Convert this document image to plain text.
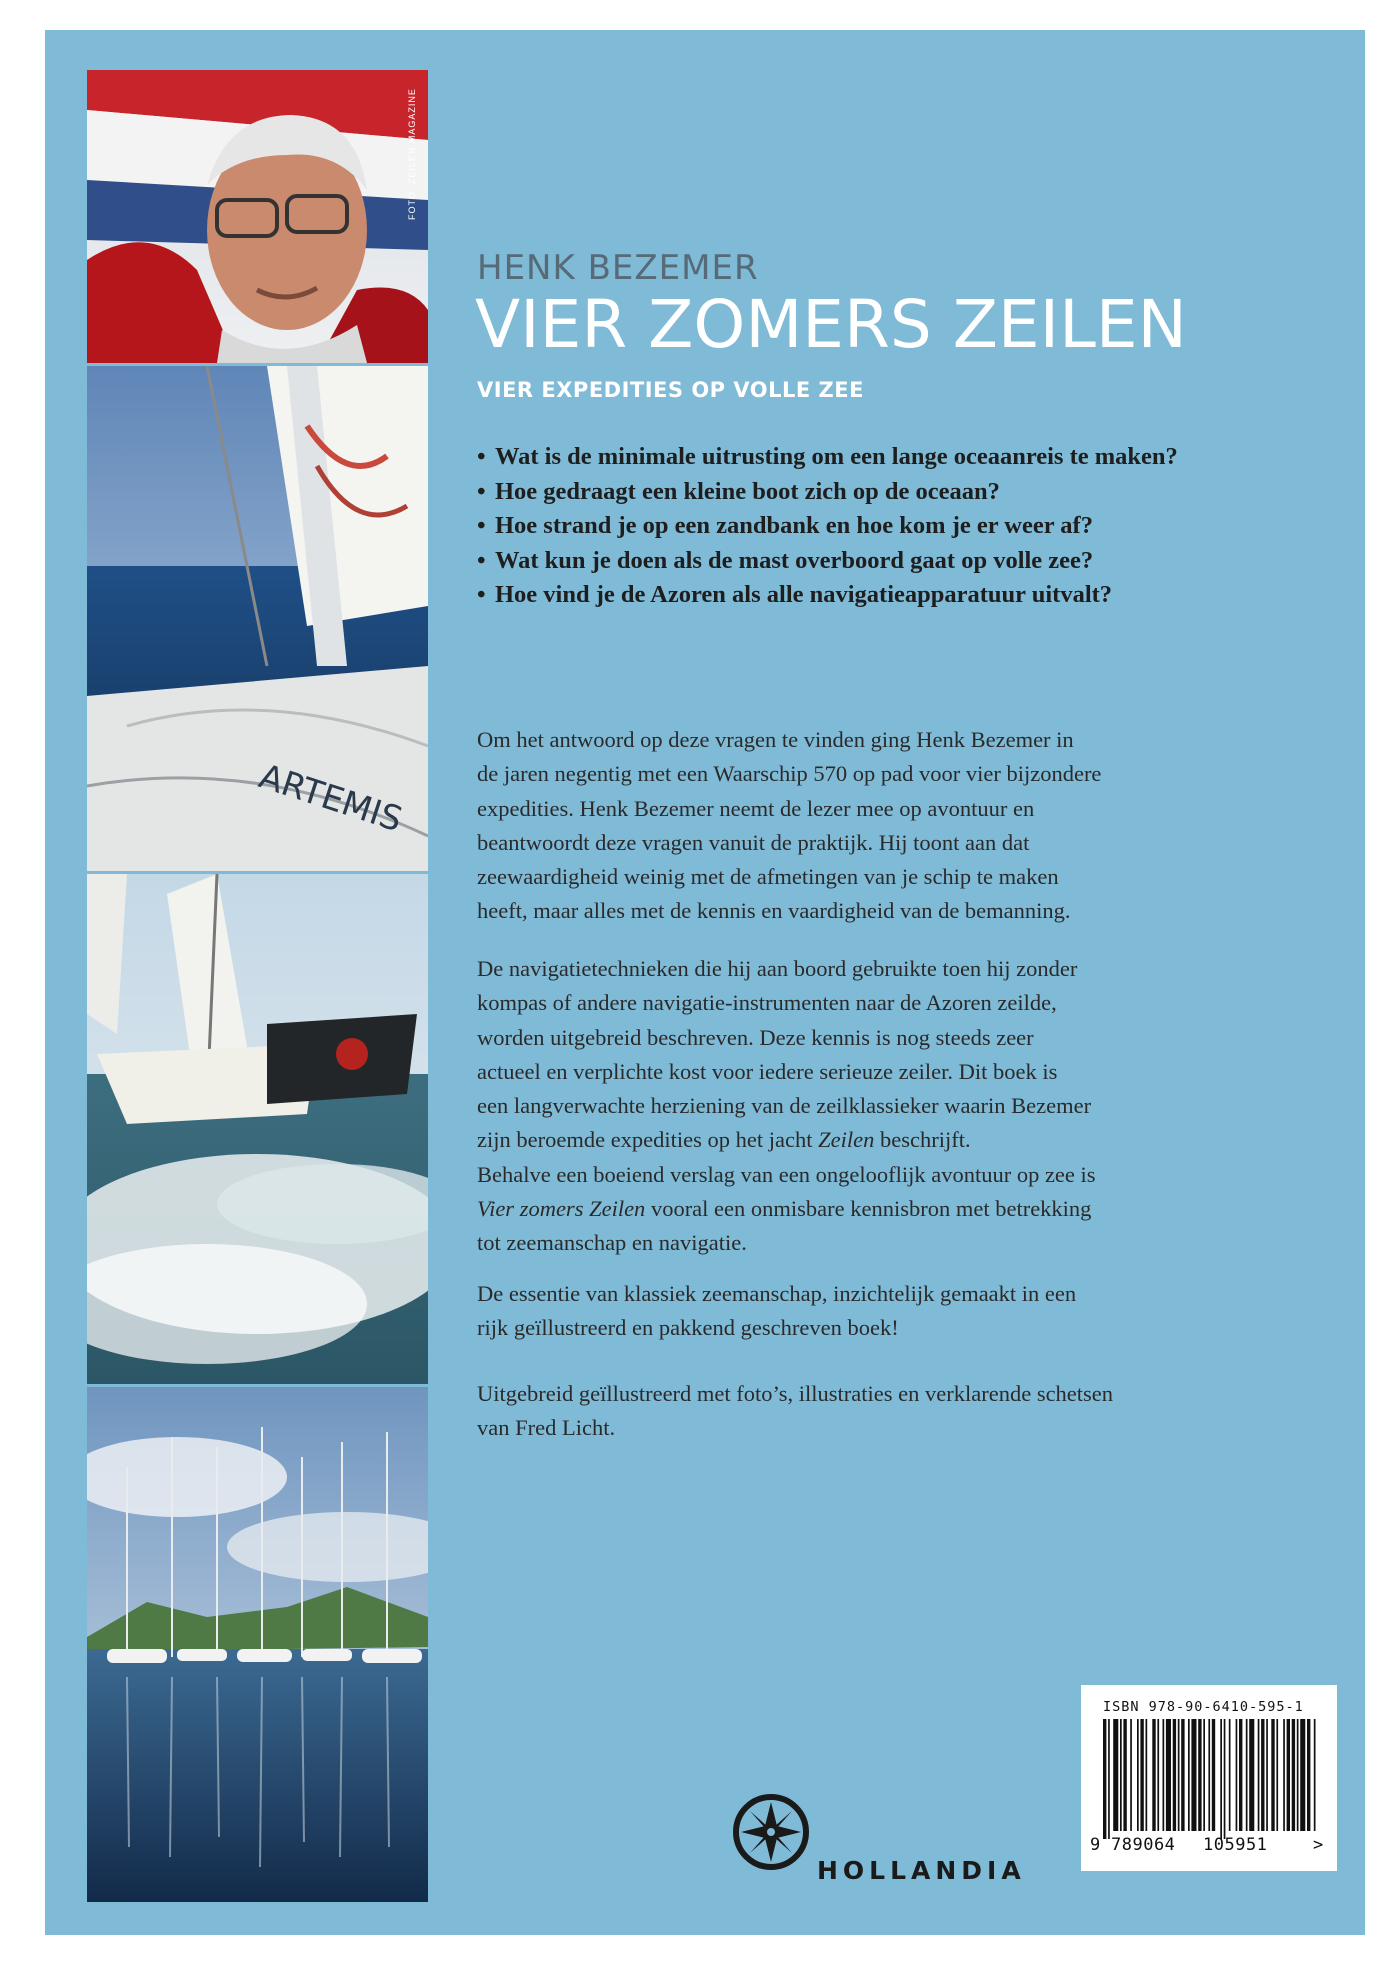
FOTO: ZEILEN MAGAZINE
ARTEMIS
HENK BEZEMER
VIER ZOMERS ZEILEN
VIER EXPEDITIES OP VOLLE ZEE
• Wat is de minimale uitrusting om een lange oceaanreis te maken?
• Hoe gedraagt een kleine boot zich op de oceaan?
• Hoe strand je op een zandbank en hoe kom je er weer af?
• Wat kun je doen als de mast overboord gaat op volle zee?
• Hoe vind je de Azoren als alle navigatieapparatuur uitvalt?

Om het antwoord op deze vragen te vinden ging Henk Bezemer in
de jaren negentig met een Waarschip 570 op pad voor vier bijzondere
expedities. Henk Bezemer neemt de lezer mee op avontuur en
beantwoordt deze vragen vanuit de praktijk. Hij toont aan dat
zeewaardigheid weinig met de afmetingen van je schip te maken
heeft, maar alles met de kennis en vaardigheid van de bemanning.

De navigatietechnieken die hij aan boord gebruikte toen hij zonder
kompas of andere navigatie-instrumenten naar de Azoren zeilde,
worden uitgebreid beschreven. Deze kennis is nog steeds zeer
actueel en verplichte kost voor iedere serieuze zeiler. Dit boek is
een langverwachte herziening van de zeilklassieker waarin Bezemer
zijn beroemde expedities op het jacht Zeilen beschrijft.
Behalve een boeiend verslag van een ongelooflijk avontuur op zee is
Vier zomers Zeilen vooral een onmisbare kennisbron met betrekking
tot zeemanschap en navigatie.

De essentie van klassiek zeemanschap, inzichtelijk gemaakt in een
rijk geïllustreerd en pakkend geschreven boek!

Uitgebreid geïllustreerd met foto’s, illustraties en verklarende schetsen
van Fred Licht.

HOLLANDIA
ISBN 978-90-6410-595-1
9 789064 105951	>
